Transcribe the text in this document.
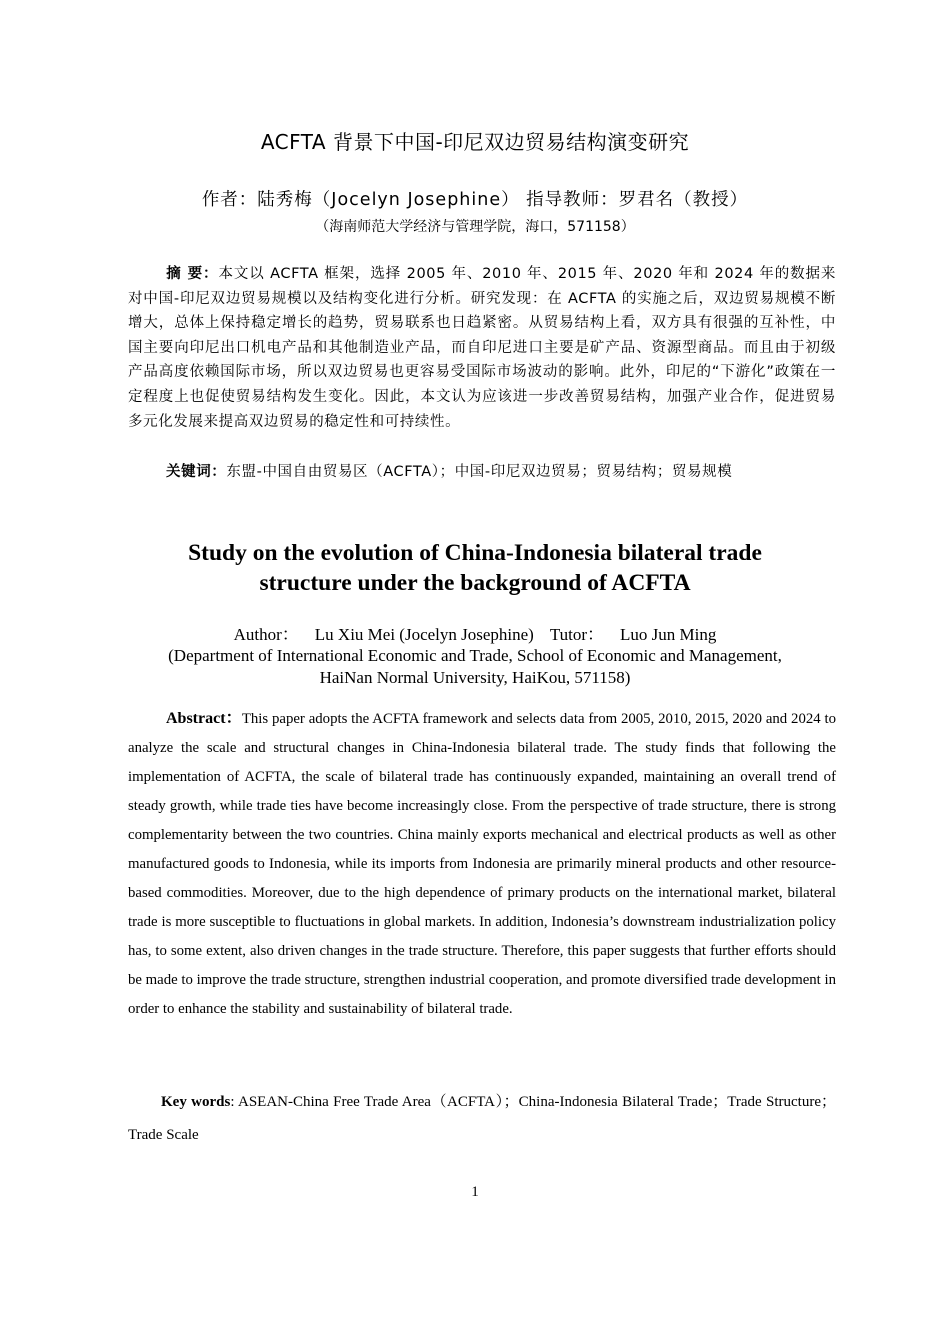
ACFTA 背景下中国-印尼双边贸易结构演变研究
作者：陆秀梅（Jocelyn Josephine） 指导教师：罗君名（教授）
（海南师范大学经济与管理学院，海口，571158）
摘 要：本文以 ACFTA 框架，选择 2005 年、2010 年、2015 年、2020 年和 2024 年的数据来对中国-印尼双边贸易规模以及结构变化进行分析。研究发现：在 ACFTA 的实施之后，双边贸易规模不断增大，总体上保持稳定增长的趋势，贸易联系也日趋紧密。从贸易结构上看，双方具有很强的互补性，中国主要向印尼出口机电产品和其他制造业产品，而自印尼进口主要是矿产品、资源型商品。而且由于初级产品高度依赖国际市场，所以双边贸易也更容易受国际市场波动的影响。此外，印尼的“下游化”政策在一定程度上也促使贸易结构发生变化。因此，本文认为应该进一步改善贸易结构，加强产业合作，促进贸易多元化发展来提高双边贸易的稳定性和可持续性。
关键词：东盟-中国自由贸易区（ACFTA）；中国-印尼双边贸易；贸易结构；贸易规模
Study on the evolution of China-Indonesia bilateral trade
structure under the background of ACFTA
Author： Lu Xiu Mei (Jocelyn Josephine) Tutor： Luo Jun Ming
(Department of International Economic and Trade, School of Economic and Management,
HaiNan Normal University, HaiKou, 571158)
Abstract：This paper adopts the ACFTA framework and selects data from 2005, 2010, 2015, 2020 and 2024 to analyze the scale and structural changes in China-Indonesia bilateral trade. The study finds that following the implementation of ACFTA, the scale of bilateral trade has continuously expanded, maintaining an overall trend of steady growth, while trade ties have become increasingly close. From the perspective of trade structure, there is strong complementarity between the two countries. China mainly exports mechanical and electrical products as well as other manufactured goods to Indonesia, while its imports from Indonesia are primarily mineral products and other resource-based commodities. Moreover, due to the high dependence of primary products on the international market, bilateral trade is more susceptible to fluctuations in global markets. In addition, Indonesia’s downstream industrialization policy has, to some extent, also driven changes in the trade structure. Therefore, this paper suggests that further efforts should be made to improve the trade structure, strengthen industrial cooperation, and promote diversified trade development in order to enhance the stability and sustainability of bilateral trade.
Key words: ASEAN-China Free Trade Area（ACFTA）；China-Indonesia Bilateral Trade；Trade Structure；Trade Scale
1
